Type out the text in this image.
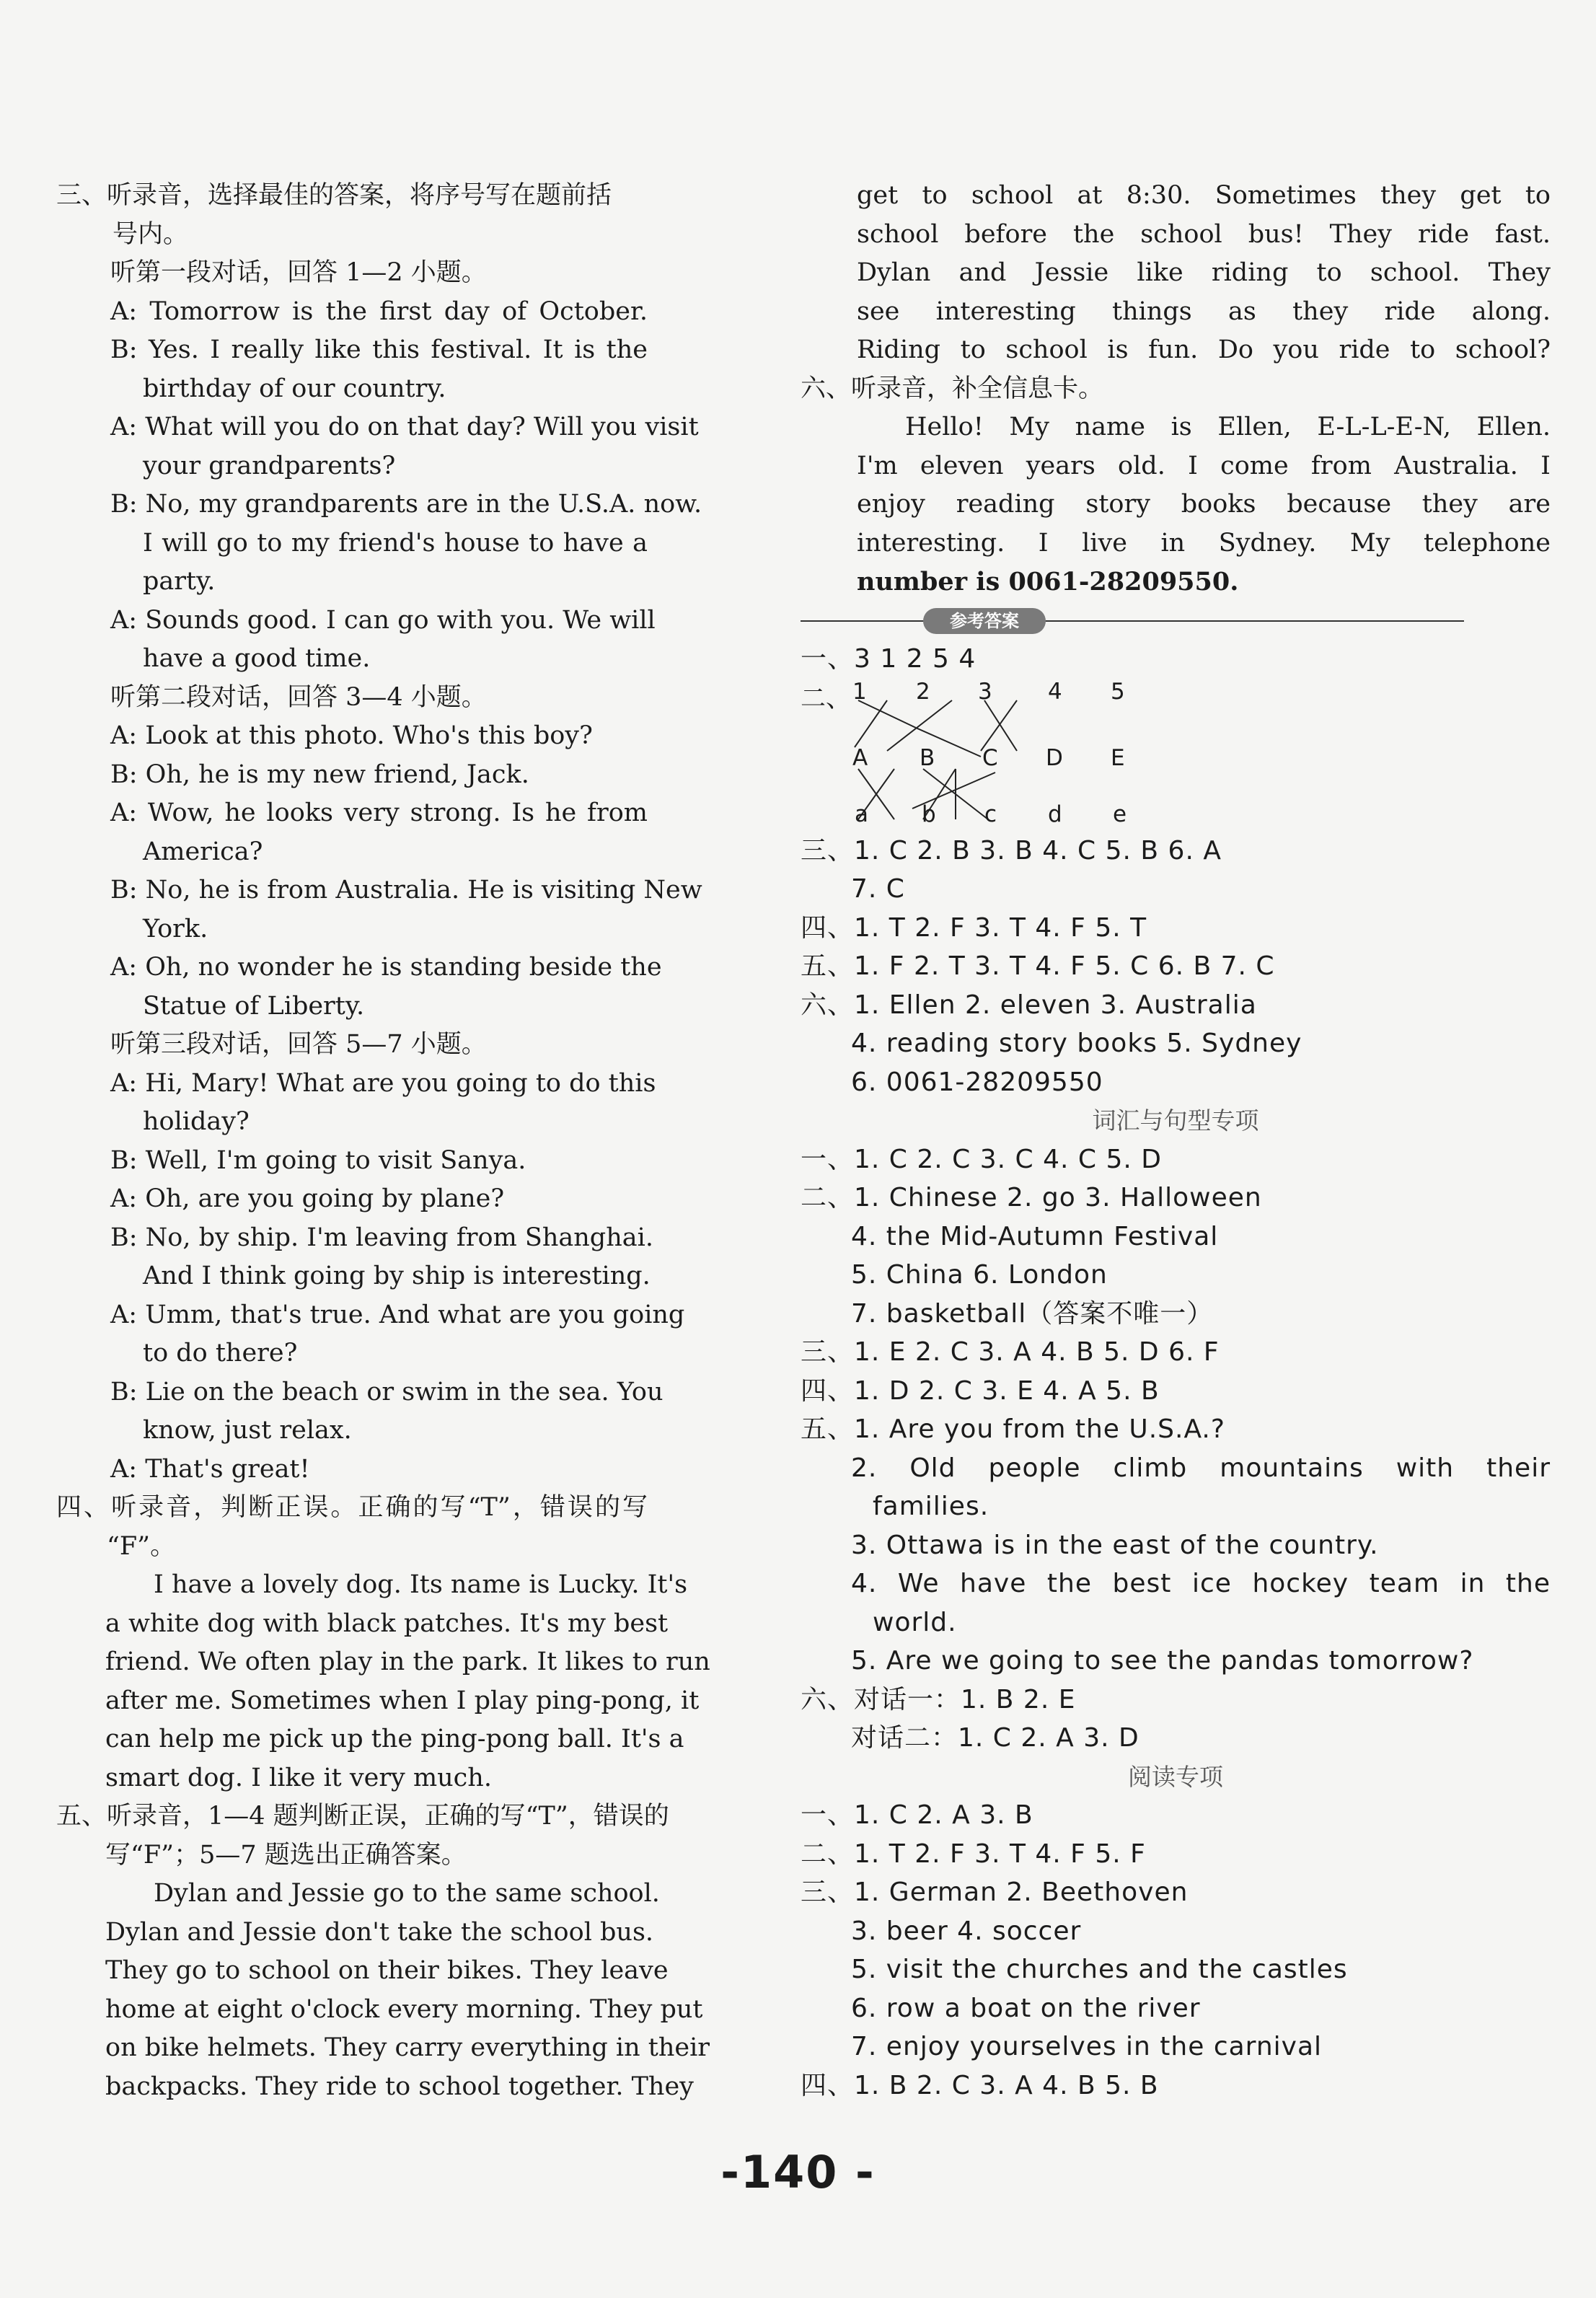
三、听录音，选择最佳的答案，将序号写在题前括
号内。
听第一段对话，回答 1—2 小题。
A: Tomorrow is the first day of October.
B: Yes. I really like this festival. It is the
birthday of our country.
A: What will you do on that day? Will you visit
your grandparents?
B: No, my grandparents are in the U.S.A. now.
I will go to my friend's house to have a
party.
A: Sounds good. I can go with you. We will
have a good time.
听第二段对话，回答 3—4 小题。
A: Look at this photo. Who's this boy?
B: Oh, he is my new friend, Jack.
A: Wow, he looks very strong. Is he from
America?
B: No, he is from Australia. He is visiting New
York.
A: Oh, no wonder he is standing beside the
Statue of Liberty.
听第三段对话，回答 5—7 小题。
A: Hi, Mary! What are you going to do this
holiday?
B: Well, I'm going to visit Sanya.
A: Oh, are you going by plane?
B: No, by ship. I'm leaving from Shanghai.
And I think going by ship is interesting.
A: Umm, that's true. And what are you going
to do there?
B: Lie on the beach or swim in the sea. You
know, just relax.
A: That's great!
四、听录音，判断正误。正确的写“T”，错误的写
“F”。
I have a lovely dog. Its name is Lucky. It's
a white dog with black patches. It's my best
friend. We often play in the park. It likes to run
after me. Sometimes when I play ping-pong, it
can help me pick up the ping-pong ball. It's a
smart dog. I like it very much.
五、听录音，1—4 题判断正误，正确的写“T”，错误的
写“F”；5—7 题选出正确答案。
Dylan and Jessie go to the same school.
Dylan and Jessie don't take the school bus.
They go to school on their bikes. They leave
home at eight o'clock every morning. They put
on bike helmets. They carry everything in their
backpacks. They ride to school together. They
get to school at 8:30. Sometimes they get to
school before the school bus! They ride fast.
Dylan and Jessie like riding to school. They
see interesting things as they ride along.
Riding to school is fun. Do you ride to school?
六、听录音，补全信息卡。
Hello! My name is Ellen, E-L-L-E-N, Ellen.
I'm eleven years old. I come from Australia. I
enjoy reading story books because they are
interesting. I live in Sydney. My telephone
number is 0061-28209550.
参考答案
一、3 1 2 5 4
二、 1 2 3 4 5
A B C D E
a b c d e
三、1. C 2. B 3. B 4. C 5. B 6. A
7. C
四、1. T 2. F 3. T 4. F 5. T
五、1. F 2. T 3. T 4. F 5. C 6. B 7. C
六、1. Ellen 2. eleven 3. Australia
4. reading story books 5. Sydney
6. 0061-28209550
词汇与句型专项
一、1. C 2. C 3. C 4. C 5. D
二、1. Chinese 2. go 3. Halloween
4. the Mid-Autumn Festival
5. China 6. London
7. basketball（答案不唯一）
三、1. E 2. C 3. A 4. B 5. D 6. F
四、1. D 2. C 3. E 4. A 5. B
五、1. Are you from the U.S.A.?
2. Old people climb mountains with their
families.
3. Ottawa is in the east of the country.
4. We have the best ice hockey team in the
world.
5. Are we going to see the pandas tomorrow?
六、对话一：1. B 2. E
对话二：1. C 2. A 3. D
阅读专项
一、1. C 2. A 3. B
二、1. T 2. F 3. T 4. F 5. F
三、1. German 2. Beethoven
3. beer 4. soccer
5. visit the churches and the castles
6. row a boat on the river
7. enjoy yourselves in the carnival
四、1. B 2. C 3. A 4. B 5. B
-140 -
